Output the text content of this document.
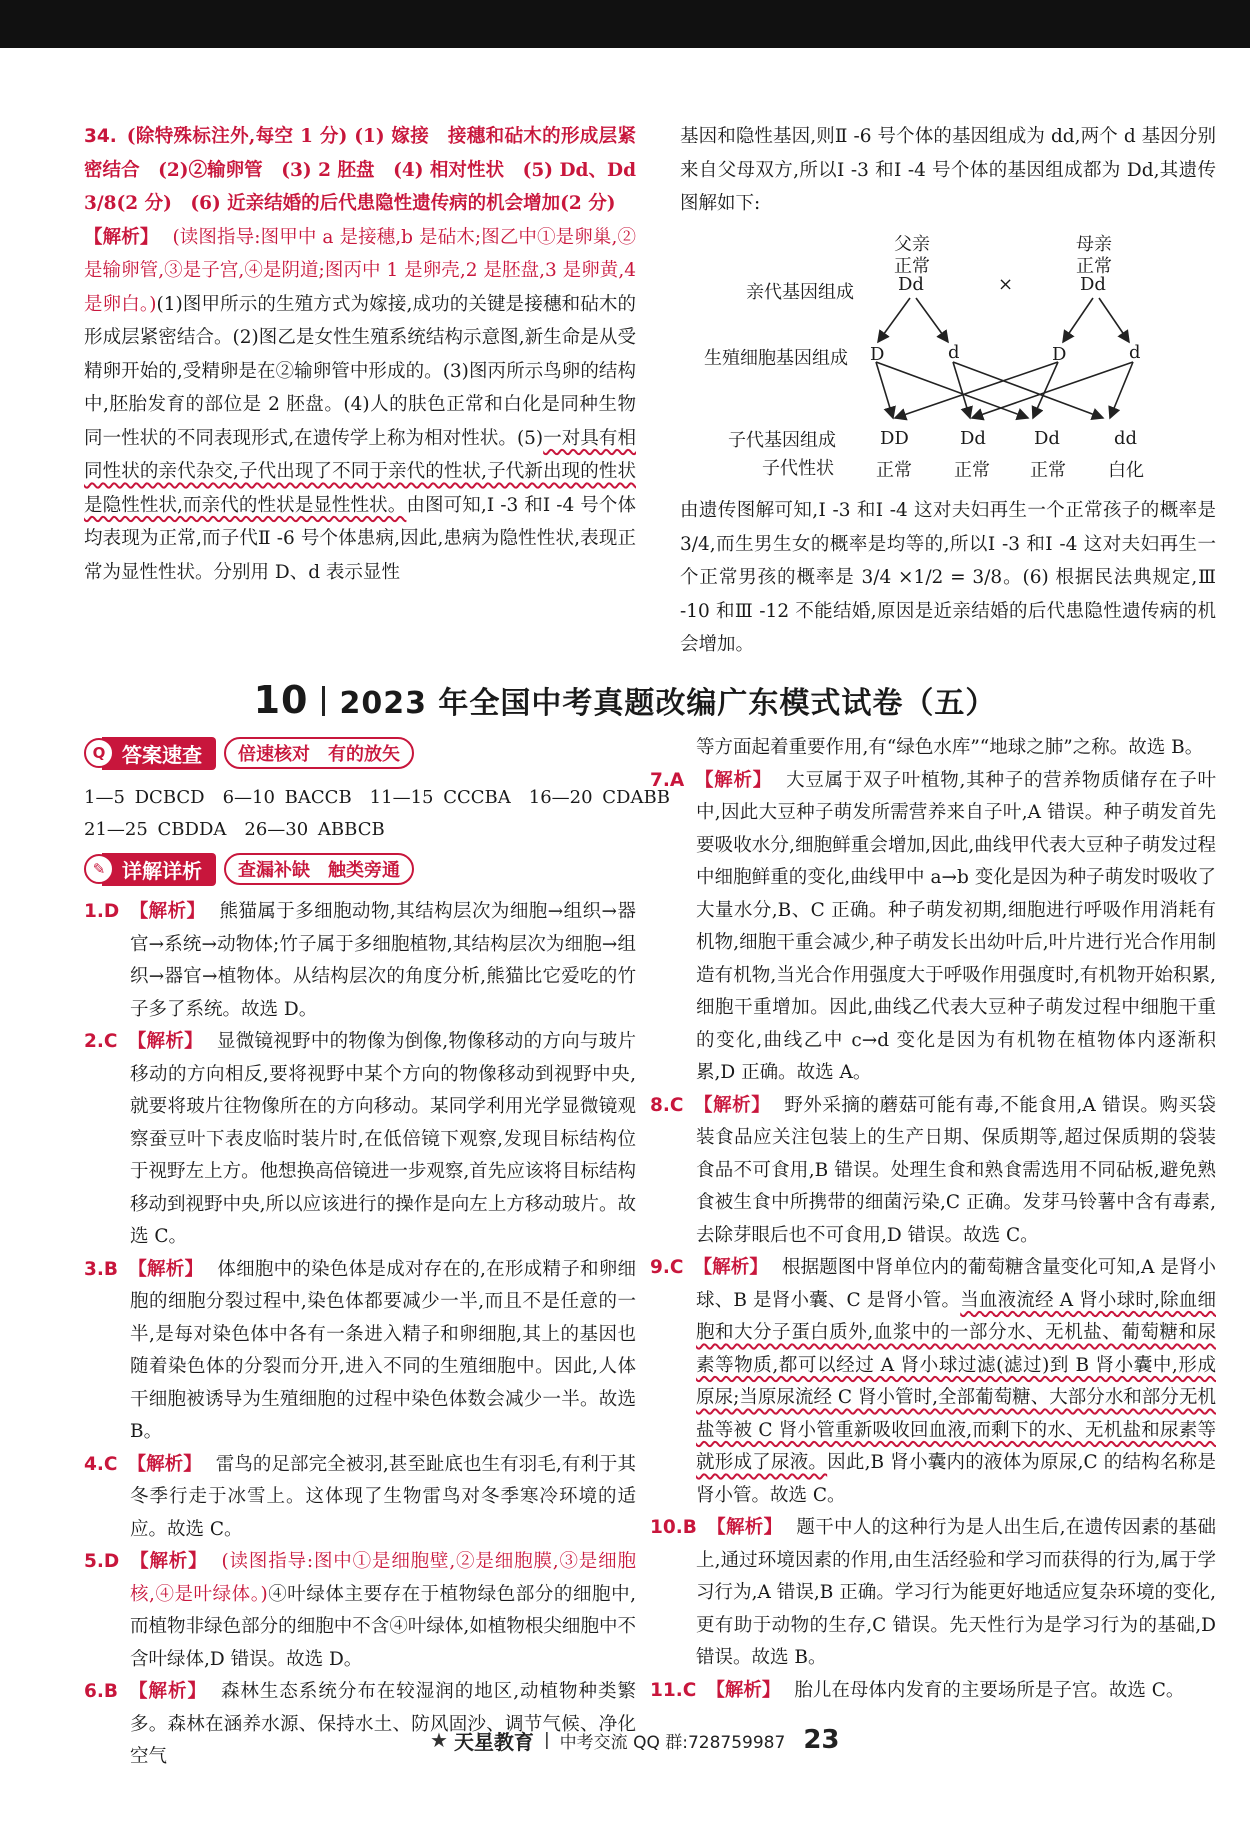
34. (除特殊标注外,每空 1 分) (1) 嫁接　接穗和砧木的形成层紧密结合　(2)②输卵管　(3) 2 胚盘　(4) 相对性状　(5) Dd、Dd　3/8(2 分)　(6) 近亲结婚的后代患隐性遗传病的机会增加(2 分)

【解析】 (读图指导:图甲中 a 是接穗,b 是砧木;图乙中①是卵巢,②是输卵管,③是子宫,④是阴道;图丙中 1 是卵壳,2 是胚盘,3 是卵黄,4 是卵白。)(1)图甲所示的生殖方式为嫁接,成功的关键是接穗和砧木的形成层紧密结合。(2)图乙是女性生殖系统结构示意图,新生命是从受精卵开始的,受精卵是在②输卵管中形成的。(3)图丙所示鸟卵的结构中,胚胎发育的部位是 2 胚盘。(4)人的肤色正常和白化是同种生物同一性状的不同表现形式,在遗传学上称为相对性状。(5)一对具有相同性状的亲代杂交,子代出现了不同于亲代的性状,子代新出现的性状是隐性性状,而亲代的性状是显性性状。由图可知,Ⅰ -3 和Ⅰ -4 号个体均表现为正常,而子代Ⅱ -6 号个体患病,因此,患病为隐性性状,表现正常为显性性状。分别用 D、d 表示显性

基因和隐性基因,则Ⅱ -6 号个体的基因组成为 dd,两个 d 基因分别来自父母双方,所以Ⅰ -3 和Ⅰ -4 号个体的基因组成都为 Dd,其遗传图解如下:

父亲
正常
Dd	×
母亲
正常
Dd
亲代基因组成
生殖细胞基因组成 D	d	D	d
子代基因组成
子代性状
DD	Dd	Dd	dd
正常 正常 正常 白化

由遗传图解可知,Ⅰ -3 和Ⅰ -4 这对夫妇再生一个正常孩子的概率是 3/4,而生男生女的概率是均等的,所以Ⅰ -3 和Ⅰ -4 这对夫妇再生一个正常男孩的概率是 3/4 ×1/2 = 3/8。(6) 根据民法典规定,Ⅲ -10 和Ⅲ -12 不能结婚,原因是近亲结婚的后代患隐性遗传病的机会增加。

10 2023 年全国中考真题改编广东模式试卷（五）
Q 答案速查	倍速核对　有的放矢
1—5 DCBCD　6—10 BACCB　11—15 CCCBA　16—20 CDABB
21—25 CBDDA　26—30 ABBCB
✎ 详解详析	查漏补缺　触类旁通

1.D 【解析】 熊猫属于多细胞动物,其结构层次为细胞→组织→器官→系统→动物体;竹子属于多细胞植物,其结构层次为细胞→组织→器官→植物体。从结构层次的角度分析,熊猫比它爱吃的竹子多了系统。故选 D。

2.C 【解析】 显微镜视野中的物像为倒像,物像移动的方向与玻片移动的方向相反,要将视野中某个方向的物像移动到视野中央,就要将玻片往物像所在的方向移动。某同学利用光学显微镜观察蚕豆叶下表皮临时装片时,在低倍镜下观察,发现目标结构位于视野左上方。他想换高倍镜进一步观察,首先应该将目标结构移动到视野中央,所以应该进行的操作是向左上方移动玻片。故选 C。

3.B 【解析】 体细胞中的染色体是成对存在的,在形成精子和卵细胞的细胞分裂过程中,染色体都要减少一半,而且不是任意的一半,是每对染色体中各有一条进入精子和卵细胞,其上的基因也随着染色体的分裂而分开,进入不同的生殖细胞中。因此,人体干细胞被诱导为生殖细胞的过程中染色体数会减少一半。故选 B。

4.C 【解析】 雷鸟的足部完全被羽,甚至趾底也生有羽毛,有利于其冬季行走于冰雪上。这体现了生物雷鸟对冬季寒冷环境的适应。故选 C。

5.D 【解析】 (读图指导:图中①是细胞壁,②是细胞膜,③是细胞核,④是叶绿体。)④叶绿体主要存在于植物绿色部分的细胞中,而植物非绿色部分的细胞中不含④叶绿体,如植物根尖细胞中不含叶绿体,D 错误。故选 D。

6.B 【解析】 森林生态系统分布在较湿润的地区,动植物种类繁多。森林在涵养水源、保持水土、防风固沙、调节气候、净化空气

等方面起着重要作用,有“绿色水库”“地球之肺”之称。故选 B。

7.A 【解析】 大豆属于双子叶植物,其种子的营养物质储存在子叶中,因此大豆种子萌发所需营养来自子叶,A 错误。种子萌发首先要吸收水分,细胞鲜重会增加,因此,曲线甲代表大豆种子萌发过程中细胞鲜重的变化,曲线甲中 a→b 变化是因为种子萌发时吸收了大量水分,B、C 正确。种子萌发初期,细胞进行呼吸作用消耗有机物,细胞干重会减少,种子萌发长出幼叶后,叶片进行光合作用制造有机物,当光合作用强度大于呼吸作用强度时,有机物开始积累,细胞干重增加。因此,曲线乙代表大豆种子萌发过程中细胞干重的变化,曲线乙中 c→d 变化是因为有机物在植物体内逐渐积累,D 正确。故选 A。

8.C 【解析】 野外采摘的蘑菇可能有毒,不能食用,A 错误。购买袋装食品应关注包装上的生产日期、保质期等,超过保质期的袋装食品不可食用,B 错误。处理生食和熟食需选用不同砧板,避免熟食被生食中所携带的细菌污染,C 正确。发芽马铃薯中含有毒素,去除芽眼后也不可食用,D 错误。故选 C。

9.C 【解析】 根据题图中肾单位内的葡萄糖含量变化可知,A 是肾小球、B 是肾小囊、C 是肾小管。当血液流经 A 肾小球时,除血细胞和大分子蛋白质外,血浆中的一部分水、无机盐、葡萄糖和尿素等物质,都可以经过 A 肾小球过滤(滤过)到 B 肾小囊中,形成原尿;当原尿流经 C 肾小管时,全部葡萄糖、大部分水和部分无机盐等被 C 肾小管重新吸收回血液,而剩下的水、无机盐和尿素等就形成了尿液。因此,B 肾小囊内的液体为原尿,C 的结构名称是肾小管。故选 C。

10.B 【解析】 题干中人的这种行为是人出生后,在遗传因素的基础上,通过环境因素的作用,由生活经验和学习而获得的行为,属于学习行为,A 错误,B 正确。学习行为能更好地适应复杂环境的变化,更有助于动物的生存,C 错误。先天性行为是学习行为的基础,D 错误。故选 B。

11.C 【解析】 胎儿在母体内发育的主要场所是子宫。故选 C。

★ 天星教育 | 中考交流 QQ 群:728759987 23
